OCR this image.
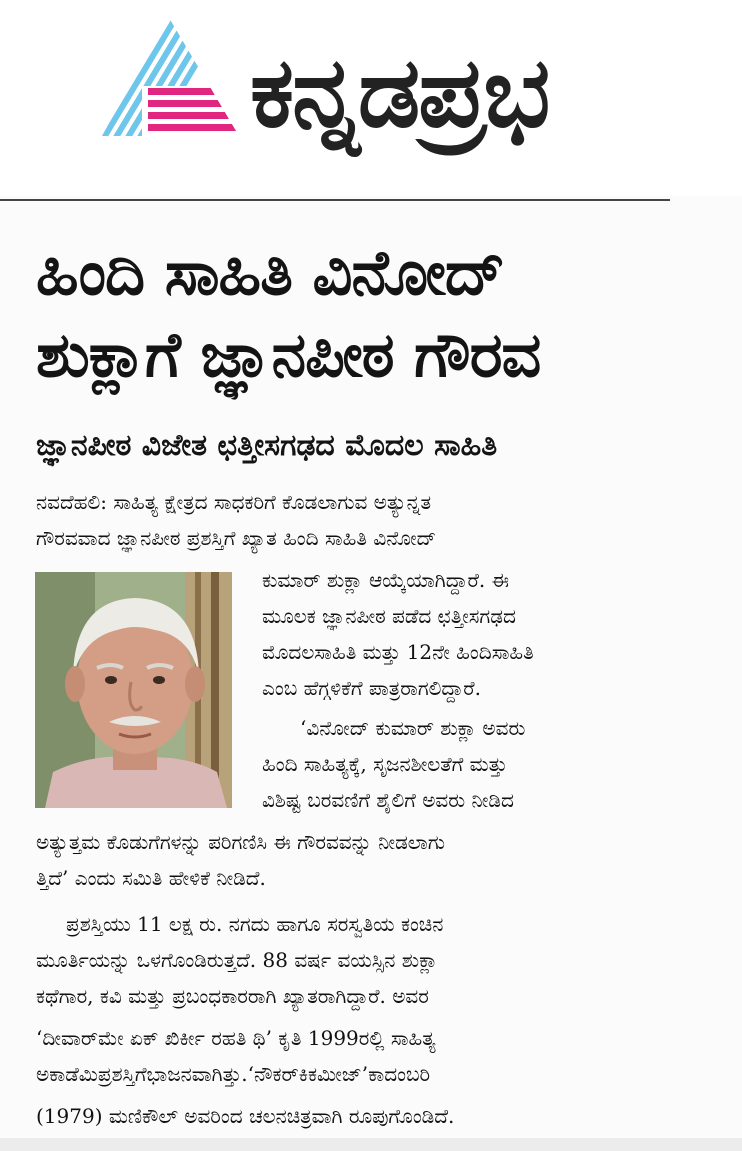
ಕನ್ನಡಪ್ರಭ
ಹಿಂದಿ ಸಾಹಿತಿ ವಿನೋದ್
ಶುಕ್ಲಾಗೆ ಜ್ಞಾನಪೀಠ ಗೌರವ
ಜ್ಞಾನಪೀಠ ವಿಜೇತ ಛತ್ತೀಸಗಢದ ಮೊದಲ ಸಾಹಿತಿ
ನವದೆಹಲಿ: ಸಾಹಿತ್ಯ ಕ್ಷೇತ್ರದ ಸಾಧಕರಿಗೆ ಕೊಡಲಾಗುವ ಅತ್ಯುನ್ನತ
ಗೌರವವಾದ ಜ್ಞಾನಪೀಠ ಪ್ರಶಸ್ತಿಗೆ ಖ್ಯಾತ ಹಿಂದಿ ಸಾಹಿತಿ ವಿನೋದ್
ಕುಮಾರ್ ಶುಕ್ಲಾ ಆಯ್ಕೆಯಾಗಿದ್ದಾರೆ. ಈ
ಮೂಲಕ ಜ್ಞಾನಪೀಠ ಪಡೆದ ಛತ್ತೀಸಗಢದ
ಮೊದಲಸಾಹಿತಿ ಮತ್ತು 12ನೇ ಹಿಂದಿಸಾಹಿತಿ
ಎಂಬ ಹೆಗ್ಗಳಿಕೆಗೆ ಪಾತ್ರರಾಗಲಿದ್ದಾರೆ.
‘ವಿನೋದ್ ಕುಮಾರ್ ಶುಕ್ಲಾ ಅವರು
ಹಿಂದಿ ಸಾಹಿತ್ಯಕ್ಕೆ, ಸೃಜನಶೀಲತೆಗೆ ಮತ್ತು
ವಿಶಿಷ್ಟ ಬರವಣಿಗೆ ಶೈಲಿಗೆ ಅವರು ನೀಡಿದ
ಅತ್ಯುತ್ತಮ ಕೊಡುಗೆಗಳನ್ನು ಪರಿಗಣಿಸಿ ಈ ಗೌರವವನ್ನು ನೀಡಲಾಗು
ತ್ತಿದೆ’ ಎಂದು ಸಮಿತಿ ಹೇಳಿಕೆ ನೀಡಿದೆ.
ಪ್ರಶಸ್ತಿಯು 11 ಲಕ್ಷ ರು. ನಗದು ಹಾಗೂ ಸರಸ್ವತಿಯ ಕಂಚಿನ
ಮೂರ್ತಿಯನ್ನು ಒಳಗೊಂಡಿರುತ್ತದೆ. 88 ವರ್ಷ ವಯಸ್ಸಿನ ಶುಕ್ಲಾ
ಕಥೆಗಾರ, ಕವಿ ಮತ್ತು ಪ್ರಬಂಧಕಾರರಾಗಿ ಖ್ಯಾತರಾಗಿದ್ದಾರೆ. ಅವರ
‘ದೀವಾರ್‌ಮೇ ಏಕ್ ಖಿರ್ಕೀ ರಹತಿ ಥಿ’ ಕೃತಿ 1999ರಲ್ಲಿ ಸಾಹಿತ್ಯ
ಅಕಾಡೆಮಿಪ್ರಶಸ್ತಿಗೆಭಾಜನವಾಗಿತ್ತು.‘ನೌಕರ್‌ಕಿಕಮೀಜ್’ಕಾದಂಬರಿ
(1979) ಮಣಿಕೌಲ್ ಅವರಿಂದ ಚಲನಚಿತ್ರವಾಗಿ ರೂಪುಗೊಂಡಿದೆ.
